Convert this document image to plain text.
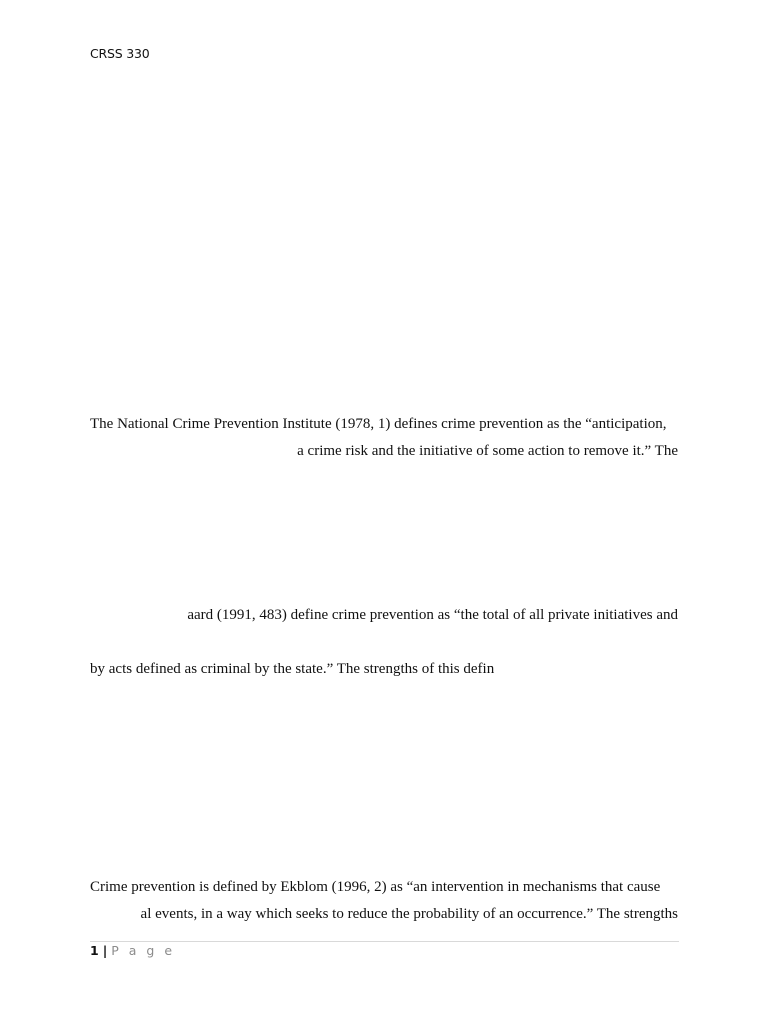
CRSS 330
The National Crime Prevention Institute (1978, 1) defines crime prevention as the “anticipation,
a crime risk and the initiative of some action to remove it.” The
aard (1991, 483) define crime prevention as “the total of all private initiatives and
by acts defined as criminal by the state.” The strengths of this defin
Crime prevention is defined by Ekblom (1996, 2) as “an intervention in mechanisms that cause
al events, in a way which seeks to reduce the probability of an occurrence.” The strengths
1 | P a g e
